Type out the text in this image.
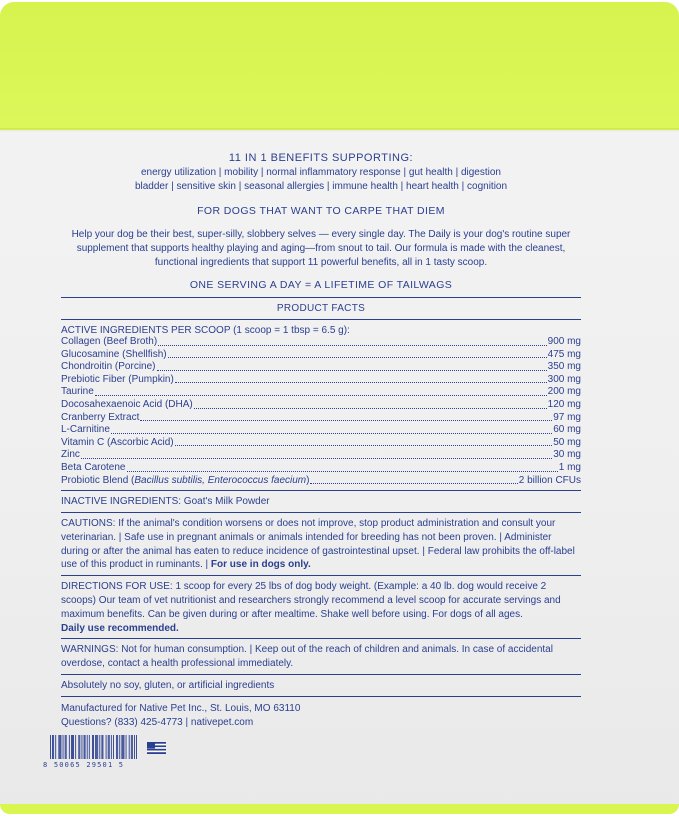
11 IN 1 BENEFITS SUPPORTING:
energy utilization | mobility | normal inflammatory response | gut health | digestion
bladder | sensitive skin | seasonal allergies | immune health | heart health | cognition
FOR DOGS THAT WANT TO CARPE THAT DIEM
Help your dog be their best, super-silly, slobbery selves — every single day. The Daily is your dog's routine super supplement that supports healthy playing and aging—from snout to tail. Our formula is made with the cleanest, functional ingredients that support 11 powerful benefits, all in 1 tasty scoop.
ONE SERVING A DAY = A LIFETIME OF TAILWAGS
PRODUCT FACTS
ACTIVE INGREDIENTS PER SCOOP (1 scoop = 1 tbsp = 6.5 g):
Collagen (Beef Broth)	900 mg
Glucosamine (Shellfish)	475 mg
Chondroitin (Porcine)	350 mg
Prebiotic Fiber (Pumpkin)	300 mg
Taurine	200 mg
Docosahexaenoic Acid (DHA)	120 mg
Cranberry Extract	97 mg
L-Carnitine	60 mg
Vitamin C (Ascorbic Acid)	50 mg
Zinc	30 mg
Beta Carotene	1 mg
Probiotic Blend (Bacillus subtilis, Enterococcus faecium)	2 billion CFUs
INACTIVE INGREDIENTS: Goat's Milk Powder
CAUTIONS: If the animal's condition worsens or does not improve, stop product administration and consult your veterinarian. | Safe use in pregnant animals or animals intended for breeding has not been proven. | Administer during or after the animal has eaten to reduce incidence of gastrointestinal upset. | Federal law prohibits the off-label use of this product in ruminants. | For use in dogs only.
DIRECTIONS FOR USE: 1 scoop for every 25 lbs of dog body weight. (Example: a 40 lb. dog would receive 2 scoops) Our team of vet nutritionist and researchers strongly recommend a level scoop for accurate servings and maximum benefits. Can be given during or after mealtime. Shake well before using. For dogs of all ages.
Daily use recommended.
WARNINGS: Not for human consumption. | Keep out of the reach of children and animals. In case of accidental overdose, contact a health professional immediately.
Absolutely no soy, gluten, or artificial ingredients
Manufactured for Native Pet Inc., St. Louis, MO 63110
Questions? (833) 425-4773 | nativepet.com
8 50065 29501 5
